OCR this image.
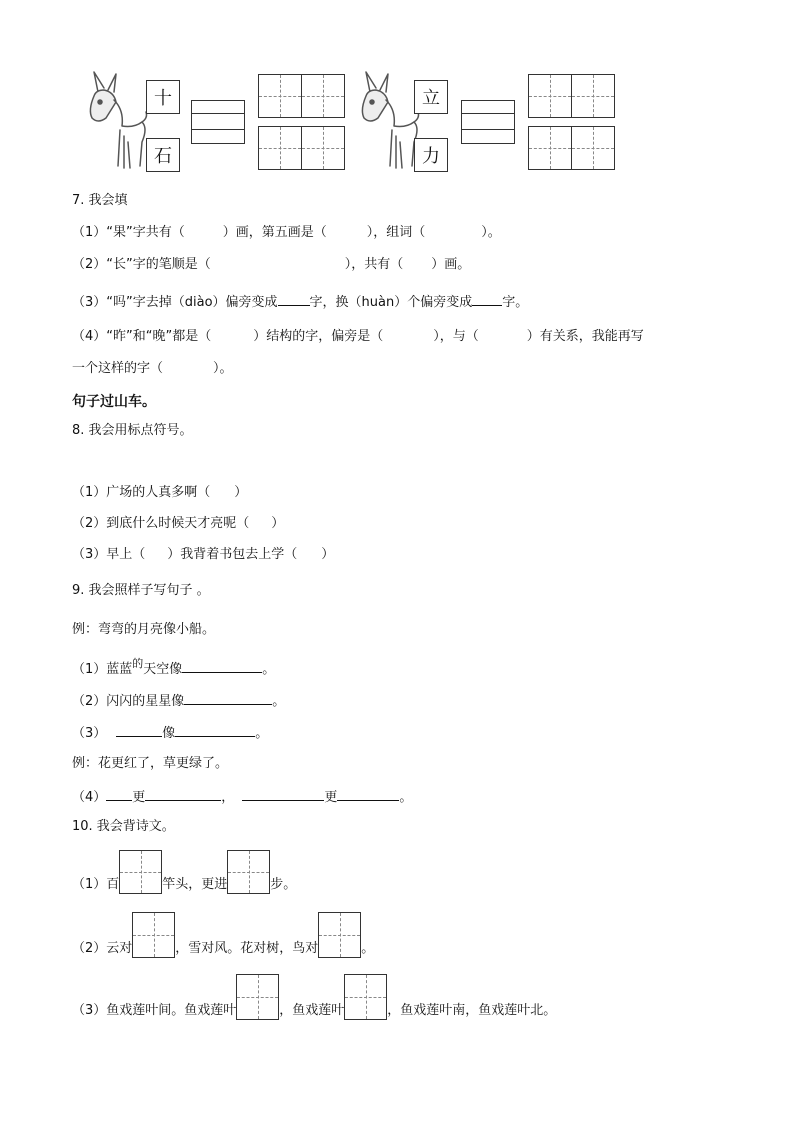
十
石
立
力
7. 我会填
（1）“果”字共有（	）画，第五画是（	），组词（	）。
（2）“长”字的笔顺是（	），共有（ ）画。
（3）“吗”字去掉（diào）偏旁变成 字，换（huàn）个偏旁变成 字。
（4）“昨”和“晚”都是（	）结构的字，偏旁是（	），与（	）有关系，我能再写
一个这样的字（	）。
句子过山车。
8. 我会用标点符号。
（1）广场的人真多啊（ ）
（2）到底什么时候天才亮呢（ ）
（3）早上（ ）我背着书包去上学（ ）
9. 我会照样子写句子 。
例：弯弯的月亮像小船。
（1）蓝蓝$^的$天空像	。
（2）闪闪的星星像	。
（3）	像	。
例：花更红了，草更绿了。
（4） 更	，	更	。
10. 我会背诗文。
（1）百	竿头，更进	步。
（2）云对	，雪对风。花对树，鸟对	。
（3）鱼戏莲叶间。鱼戏莲叶	，鱼戏莲叶	，鱼戏莲叶南，鱼戏莲叶北。
